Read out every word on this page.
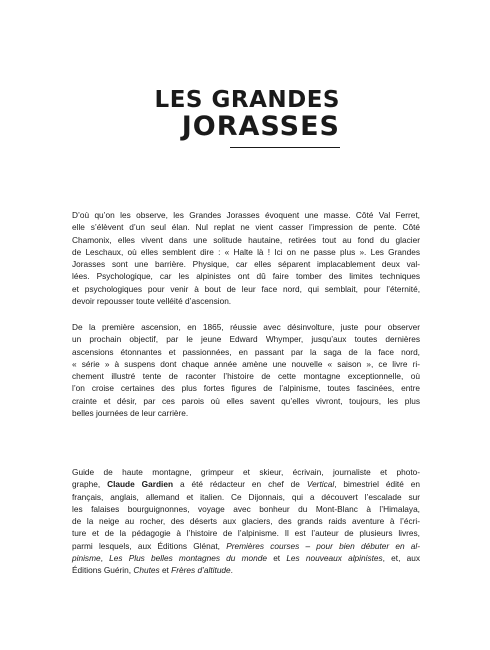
LES GRANDES
JORASSES
D’où qu’on les observe, les Grandes Jorasses évoquent une masse. Côté Val Ferret,
elle s’élèvent d’un seul élan. Nul replat ne vient casser l’impression de pente. Côté
Chamonix, elles vivent dans une solitude hautaine, retirées tout au fond du glacier
de Leschaux, où elles semblent dire : « Halte là ! Ici on ne passe plus ». Les Grandes
Jorasses sont une barrière. Physique, car elles séparent implacablement deux val-
lées. Psychologique, car les alpinistes ont dû faire tomber des limites techniques
et psychologiques pour venir à bout de leur face nord, qui semblait, pour l’éternité,
devoir repousser toute velléité d’ascension.
De la première ascension, en 1865, réussie avec désinvolture, juste pour observer
un prochain objectif, par le jeune Edward Whymper, jusqu’aux toutes dernières
ascensions étonnantes et passionnées, en passant par la saga de la face nord,
« série » à suspens dont chaque année amène une nouvelle « saison », ce livre ri-
chement illustré tente de raconter l’histoire de cette montagne exceptionnelle, où
l’on croise certaines des plus fortes figures de l’alpinisme, toutes fascinées, entre
crainte et désir, par ces parois où elles savent qu’elles vivront, toujours, les plus
belles journées de leur carrière.
Guide de haute montagne, grimpeur et skieur, écrivain, journaliste et photo-
graphe, Claude Gardien a été rédacteur en chef de Vertical, bimestriel édité en
français, anglais, allemand et italien. Ce Dijonnais, qui a découvert l’escalade sur
les falaises bourguignonnes, voyage avec bonheur du Mont-Blanc à l’Himalaya,
de la neige au rocher, des déserts aux glaciers, des grands raids aventure à l’écri-
ture et de la pédagogie à l’histoire de l’alpinisme. Il est l’auteur de plusieurs livres,
parmi lesquels, aux Éditions Glénat, Premières courses – pour bien débuter en al-
pinisme, Les Plus belles montagnes du monde et Les nouveaux alpinistes, et, aux
Éditions Guérin, Chutes et Frères d’altitude.
